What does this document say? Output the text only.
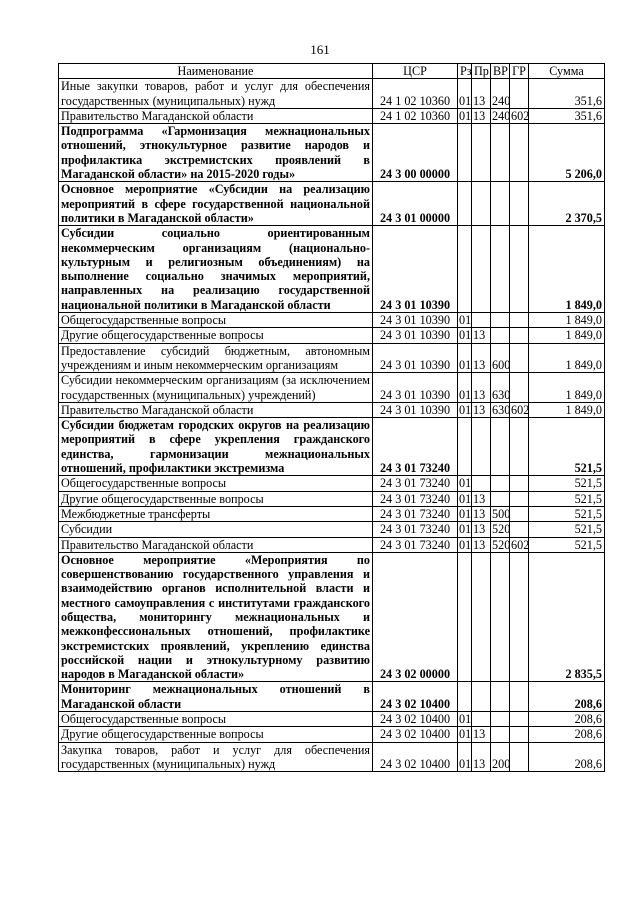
161
Наименование	ЦСР	Рз	Пр	ВР	ГР	Сумма
Иные закупки товаров, работ и услуг для обеспечения государственных (муниципальных) нужд	24 1 02 10360	01	13	240		351,6
Правительство Магаданской области	24 1 02 10360	01	13	240	602	351,6
Подпрограмма «Гармонизация межнациональных отношений, этнокультурное развитие народов и профилактика экстремистских проявлений в Магаданской области» на 2015-2020 годы»	24 3 00 00000					5 206,0
Основное мероприятие «Субсидии на реализацию мероприятий в сфере государственной национальной политики в Магаданской области»	24 3 01 00000					2 370,5
Субсидии социально ориентированным некоммерческим организациям (национально-культурным и религиозным объединениям) на выполнение социально значимых мероприятий, направленных на реализацию государственной национальной политики в Магаданской области	24 3 01 10390					1 849,0
Общегосударственные вопросы	24 3 01 10390	01				1 849,0
Другие общегосударственные вопросы	24 3 01 10390	01	13			1 849,0
Предоставление субсидий бюджетным, автономным учреждениям и иным некоммерческим организациям	24 3 01 10390	01	13	600		1 849,0
Субсидии некоммерческим организациям (за исключением государственных (муниципальных) учреждений)	24 3 01 10390	01	13	630		1 849,0
Правительство Магаданской области	24 3 01 10390	01	13	630	602	1 849,0
Субсидии бюджетам городских округов на реализацию мероприятий в сфере укрепления гражданского единства, гармонизации межнациональных отношений, профилактики экстремизма	24 3 01 73240					521,5
Общегосударственные вопросы	24 3 01 73240	01				521,5
Другие общегосударственные вопросы	24 3 01 73240	01	13			521,5
Межбюджетные трансферты	24 3 01 73240	01	13	500		521,5
Субсидии	24 3 01 73240	01	13	520		521,5
Правительство Магаданской области	24 3 01 73240	01	13	520	602	521,5
Основное мероприятие «Мероприятия по совершенствованию государственного управления и взаимодействию органов исполнительной власти и местного самоуправления с институтами гражданского общества, мониторингу межнациональных и межконфессиональных отношений, профилактике экстремистских проявлений, укреплению единства российской нации и этнокультурному развитию народов в Магаданской области»	24 3 02 00000					2 835,5
Мониторинг межнациональных отношений в Магаданской области	24 3 02 10400					208,6
Общегосударственные вопросы	24 3 02 10400	01				208,6
Другие общегосударственные вопросы	24 3 02 10400	01	13			208,6
Закупка товаров, работ и услуг для обеспечения государственных (муниципальных) нужд	24 3 02 10400	01	13	200		208,6
